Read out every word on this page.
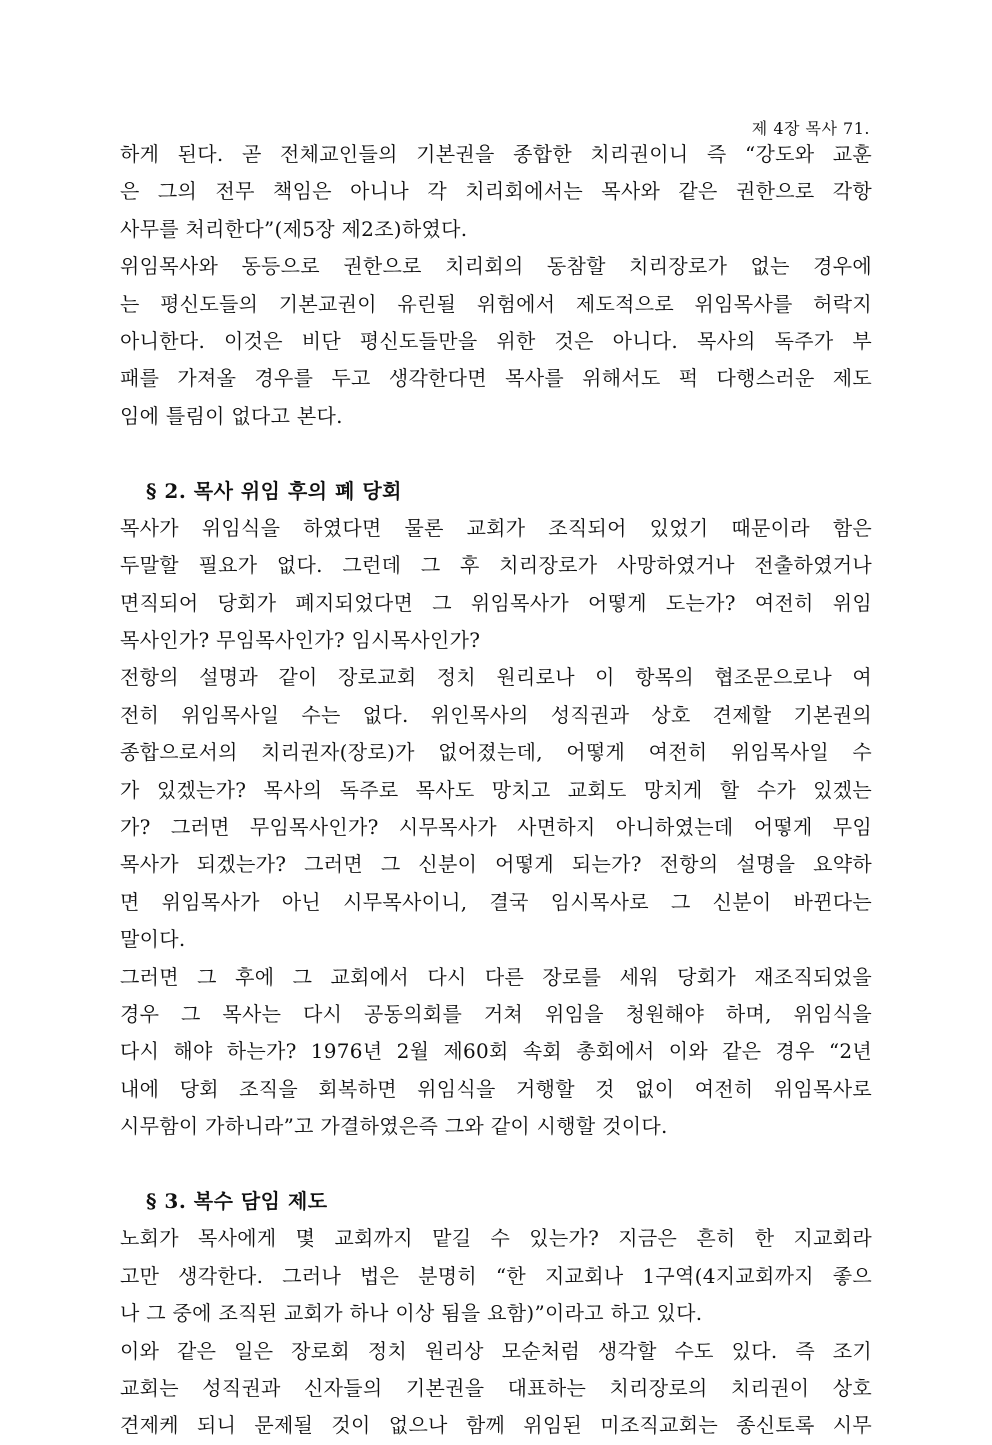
제 4장 목사 71.
하게 된다. 곧 전체교인들의 기본권을 종합한 치리권이니 즉 “강도와 교훈
은 그의 전무 책임은 아니나 각 치리회에서는 목사와 같은 권한으로 각항
사무를 처리한다”(제5장 제2조)하였다.
위임목사와 동등으로 권한으로 치리회의 동참할 치리장로가 없는 경우에
는 평신도들의 기본교권이 유린될 위험에서 제도적으로 위임목사를 허락지
아니한다. 이것은 비단 평신도들만을 위한 것은 아니다. 목사의 독주가 부
패를 가져올 경우를 두고 생각한다면 목사를 위해서도 퍽 다행스러운 제도
임에 틀림이 없다고 본다.
§ 2. 목사 위임 후의 폐 당회
목사가 위임식을 하였다면 물론 교회가 조직되어 있었기 때문이라 함은
두말할 필요가 없다. 그런데 그 후 치리장로가 사망하였거나 전출하였거나
면직되어 당회가 폐지되었다면 그 위임목사가 어떻게 도는가? 여전히 위임
목사인가? 무임목사인가? 임시목사인가?
전항의 설명과 같이 장로교회 정치 원리로나 이 항목의 협조문으로나 여
전히 위임목사일 수는 없다. 위인목사의 성직권과 상호 견제할 기본권의
종합으로서의 치리권자(장로)가 없어졌는데, 어떻게 여전히 위임목사일 수
가 있겠는가? 목사의 독주로 목사도 망치고 교회도 망치게 할 수가 있겠는
가? 그러면 무임목사인가? 시무목사가 사면하지 아니하였는데 어떻게 무임
목사가 되겠는가? 그러면 그 신분이 어떻게 되는가? 전항의 설명을 요약하
면 위임목사가 아닌 시무목사이니, 결국 임시목사로 그 신분이 바뀐다는
말이다.
그러면 그 후에 그 교회에서 다시 다른 장로를 세워 당회가 재조직되었을
경우 그 목사는 다시 공동의회를 거쳐 위임을 청원해야 하며, 위임식을
다시 해야 하는가? 1976년 2월 제60회 속회 총회에서 이와 같은 경우 “2년
내에 당회 조직을 회복하면 위임식을 거행할 것 없이 여전히 위임목사로
시무함이 가하니라”고 가결하였은즉 그와 같이 시행할 것이다.
§ 3. 복수 담임 제도
노회가 목사에게 몇 교회까지 맡길 수 있는가? 지금은 흔히 한 지교회라
고만 생각한다. 그러나 법은 분명히 “한 지교회나 1구역(4지교회까지 좋으
나 그 중에 조직된 교회가 하나 이상 됨을 요함)”이라고 하고 있다.
이와 같은 일은 장로회 정치 원리상 모순처럼 생각할 수도 있다. 즉 조기
교회는 성직권과 신자들의 기본권을 대표하는 치리장로의 치리권이 상호
견제케 되니 문제될 것이 없으나 함께 위임된 미조직교회는 종신토록 시무
